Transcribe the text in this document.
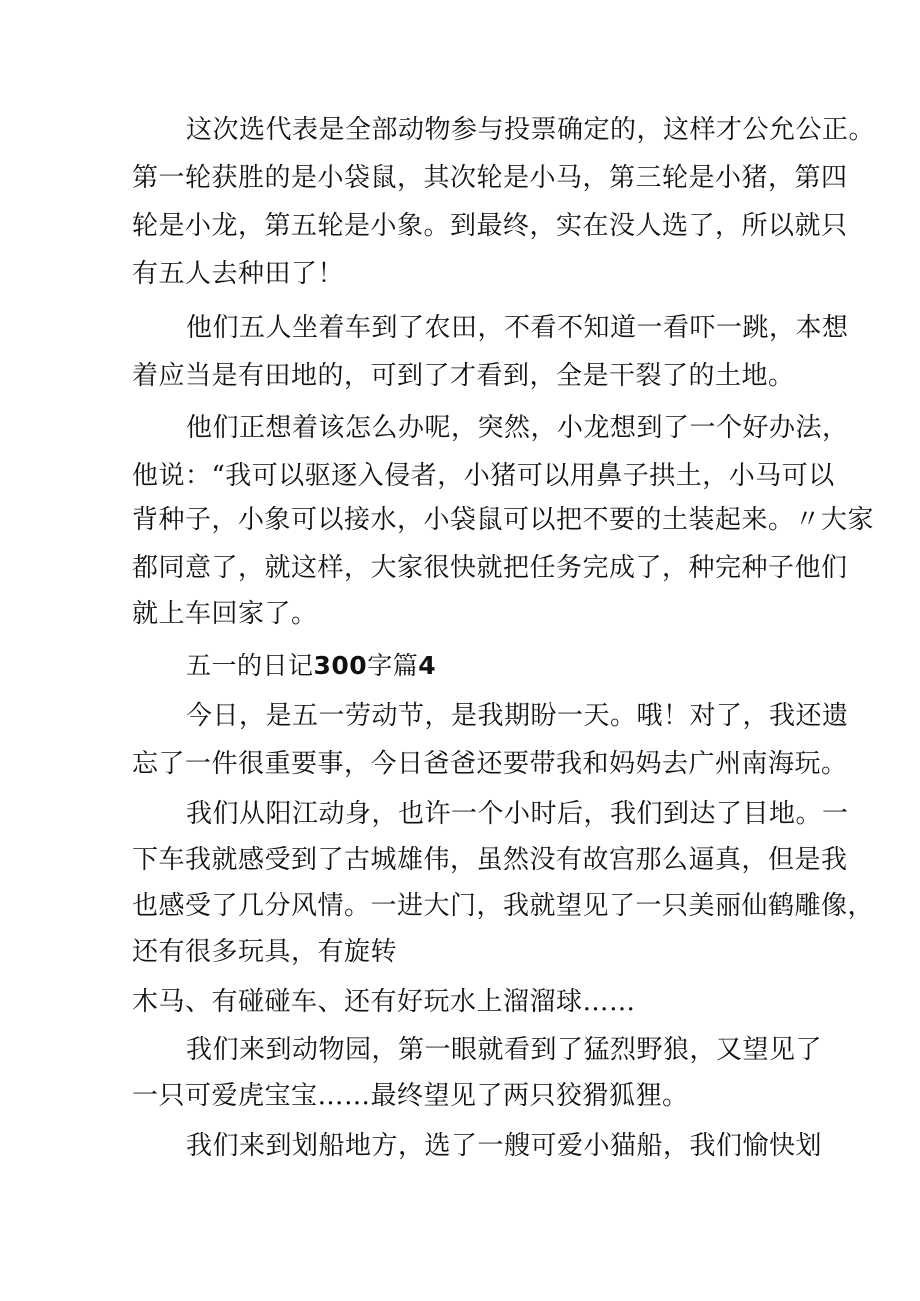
这次选代表是全部动物参与投票确定的，这样才公允公正。
第一轮获胜的是小袋鼠，其次轮是小马，第三轮是小猪，第四
轮是小龙，第五轮是小象。到最终，实在没人选了，所以就只
有五人去种田了！
他们五人坐着车到了农田，不看不知道一看吓一跳，本想
着应当是有田地的，可到了才看到，全是干裂了的土地。
他们正想着该怎么办呢，突然，小龙想到了一个好办法，
他说：“我可以驱逐入侵者，小猪可以用鼻子拱土，小马可以
背种子，小象可以接水，小袋鼠可以把不要的土装起来。〃大家
都同意了，就这样，大家很快就把任务完成了，种完种子他们
就上车回家了。
五一的日记300字篇4
今日，是五一劳动节，是我期盼一天。哦！对了，我还遗
忘了一件很重要事，今日爸爸还要带我和妈妈去广州南海玩。
我们从阳江动身，也许一个小时后，我们到达了目地。一
下车我就感受到了古城雄伟，虽然没有故宫那么逼真，但是我
也感受了几分风情。一进大门，我就望见了一只美丽仙鹤雕像，
还有很多玩具，有旋转
木马、有碰碰车、还有好玩水上溜溜球……
我们来到动物园，第一眼就看到了猛烈野狼，又望见了
一只可爱虎宝宝……最终望见了两只狡猾狐狸。
我们来到划船地方，选了一艘可爱小猫船，我们愉快划
